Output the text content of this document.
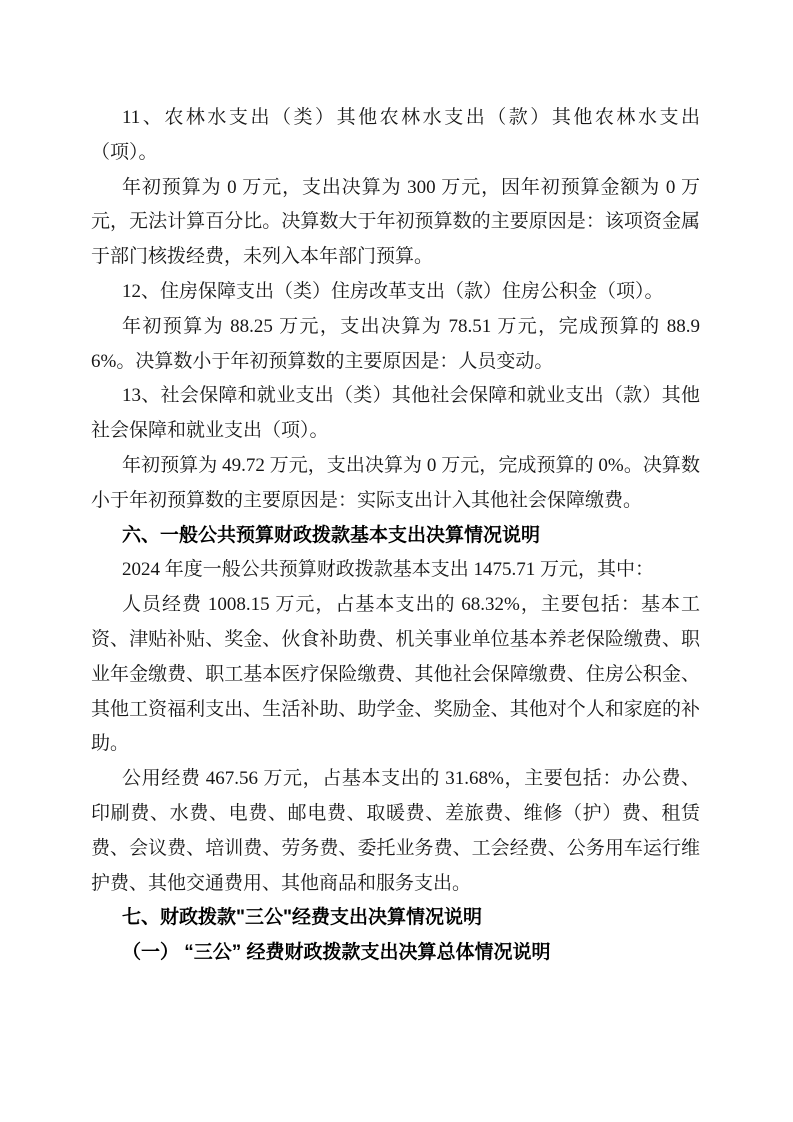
11、农林水支出（类）其他农林水支出（款）其他农林水支出（项）。

年初预算为 0 万元，支出决算为 300 万元，因年初预算金额为 0 万元，无法计算百分比。决算数大于年初预算数的主要原因是：该项资金属于部门核拨经费，未列入本年部门预算。

12、住房保障支出（类）住房改革支出（款）住房公积金（项）。

年初预算为 88.25 万元，支出决算为 78.51 万元，完成预算的 88.96%。决算数小于年初预算数的主要原因是：人员变动。

13、社会保障和就业支出（类）其他社会保障和就业支出（款）其他社会保障和就业支出（项）。

年初预算为 49.72 万元，支出决算为 0 万元，完成预算的 0%。决算数小于年初预算数的主要原因是：实际支出计入其他社会保障缴费。

六、一般公共预算财政拨款基本支出决算情况说明

2024 年度一般公共预算财政拨款基本支出 1475.71 万元，其中：

人员经费 1008.15 万元，占基本支出的 68.32%，主要包括：基本工资、津贴补贴、奖金、伙食补助费、机关事业单位基本养老保险缴费、职业年金缴费、职工基本医疗保险缴费、其他社会保障缴费、住房公积金、其他工资福利支出、生活补助、助学金、奖励金、其他对个人和家庭的补助。

公用经费 467.56 万元，占基本支出的 31.68%，主要包括：办公费、印刷费、水费、电费、邮电费、取暖费、差旅费、维修（护）费、租赁费、会议费、培训费、劳务费、委托业务费、工会经费、公务用车运行维护费、其他交通费用、其他商品和服务支出。

七、财政拨款"三公"经费支出决算情况说明

（一） “三公” 经费财政拨款支出决算总体情况说明
